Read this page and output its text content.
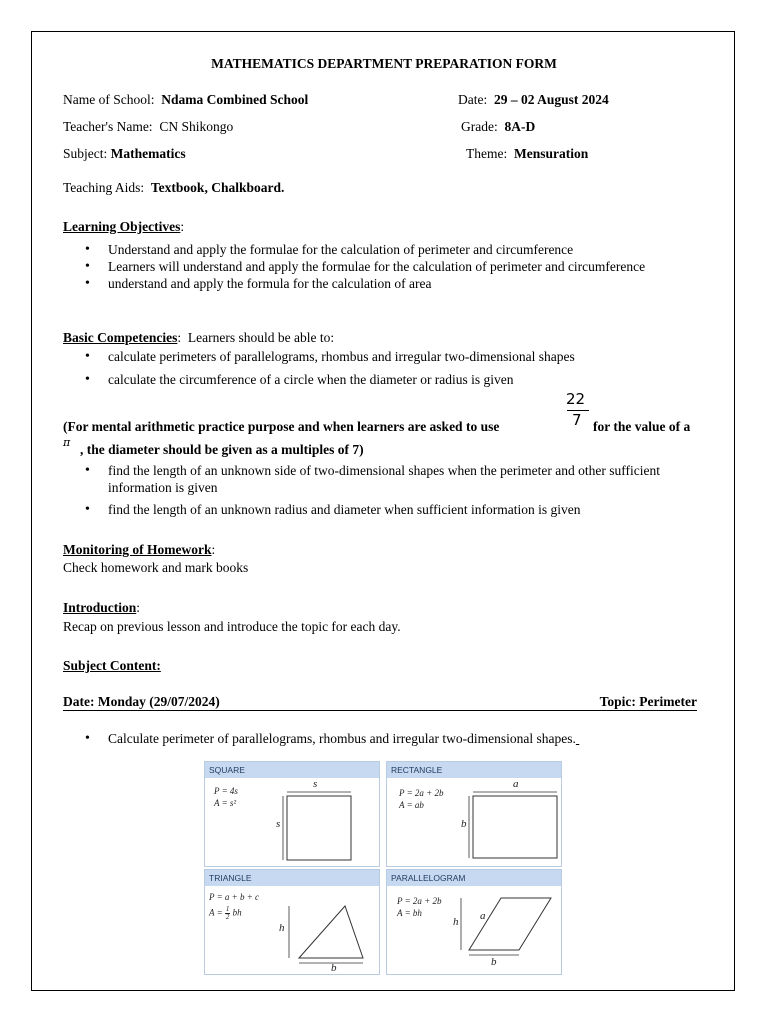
MATHEMATICS DEPARTMENT PREPARATION FORM
Name of School: Ndama Combined School	Date: 29 – 02 August 2024
Teacher's Name: CN Shikongo	Grade: 8A-D
Subject: Mathematics	Theme: Mensuration
Teaching Aids: Textbook, Chalkboard.
Learning Objectives:
• Understand and apply the formulae for the calculation of perimeter and circumference
• Learners will understand and apply the formulae for the calculation of perimeter and circumference
• understand and apply the formula for the calculation of area
Basic Competencies:  Learners should be able to:
• calculate perimeters of parallelograms, rhombus and irregular two-dimensional shapes
• calculate the circumference of a circle when the diameter or radius is given
22
7
(For mental arithmetic practice purpose and when learners are asked to use	for the value of a
π , the diameter should be given as a multiples of 7)
• find the length of an unknown side of two-dimensional shapes when the perimeter and other sufficient information is given
• find the length of an unknown radius and diameter when sufficient information is given
Monitoring of Homework:
Check homework and mark books
Introduction:
Recap on previous lesson and introduce the topic for each day.
Subject Content:
Date: Monday (29/07/2024)	Topic: Perimeter
• Calculate perimeter of parallelograms, rhombus and irregular two-dimensional shapes.
SQUARE
P = 4s
A = s²
s
s
RECTANGLE
P = 2a + 2b
A = ab
a
b
TRIANGLE
P = a + b + c
$A = \frac{1}{2}$ bh
h
b
PARALLELOGRAM
P = 2a + 2b
A = bh
h a
b
